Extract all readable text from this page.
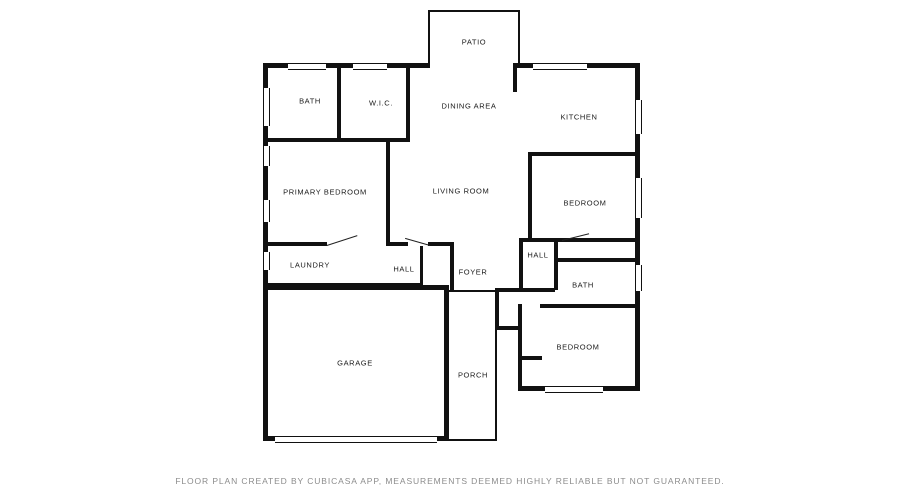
PATIO
BATH	W.I.C.	DINING AREA
KITCHEN
PRIMARY BEDROOM	LIVING ROOM
BEDROOM
LAUNDRY	HALL	FOYER
HALL
BATH
BEDROOM
GARAGE
PORCH
FLOOR PLAN CREATED BY CUBICASA APP, MEASUREMENTS DEEMED HIGHLY RELIABLE BUT NOT GUARANTEED.
